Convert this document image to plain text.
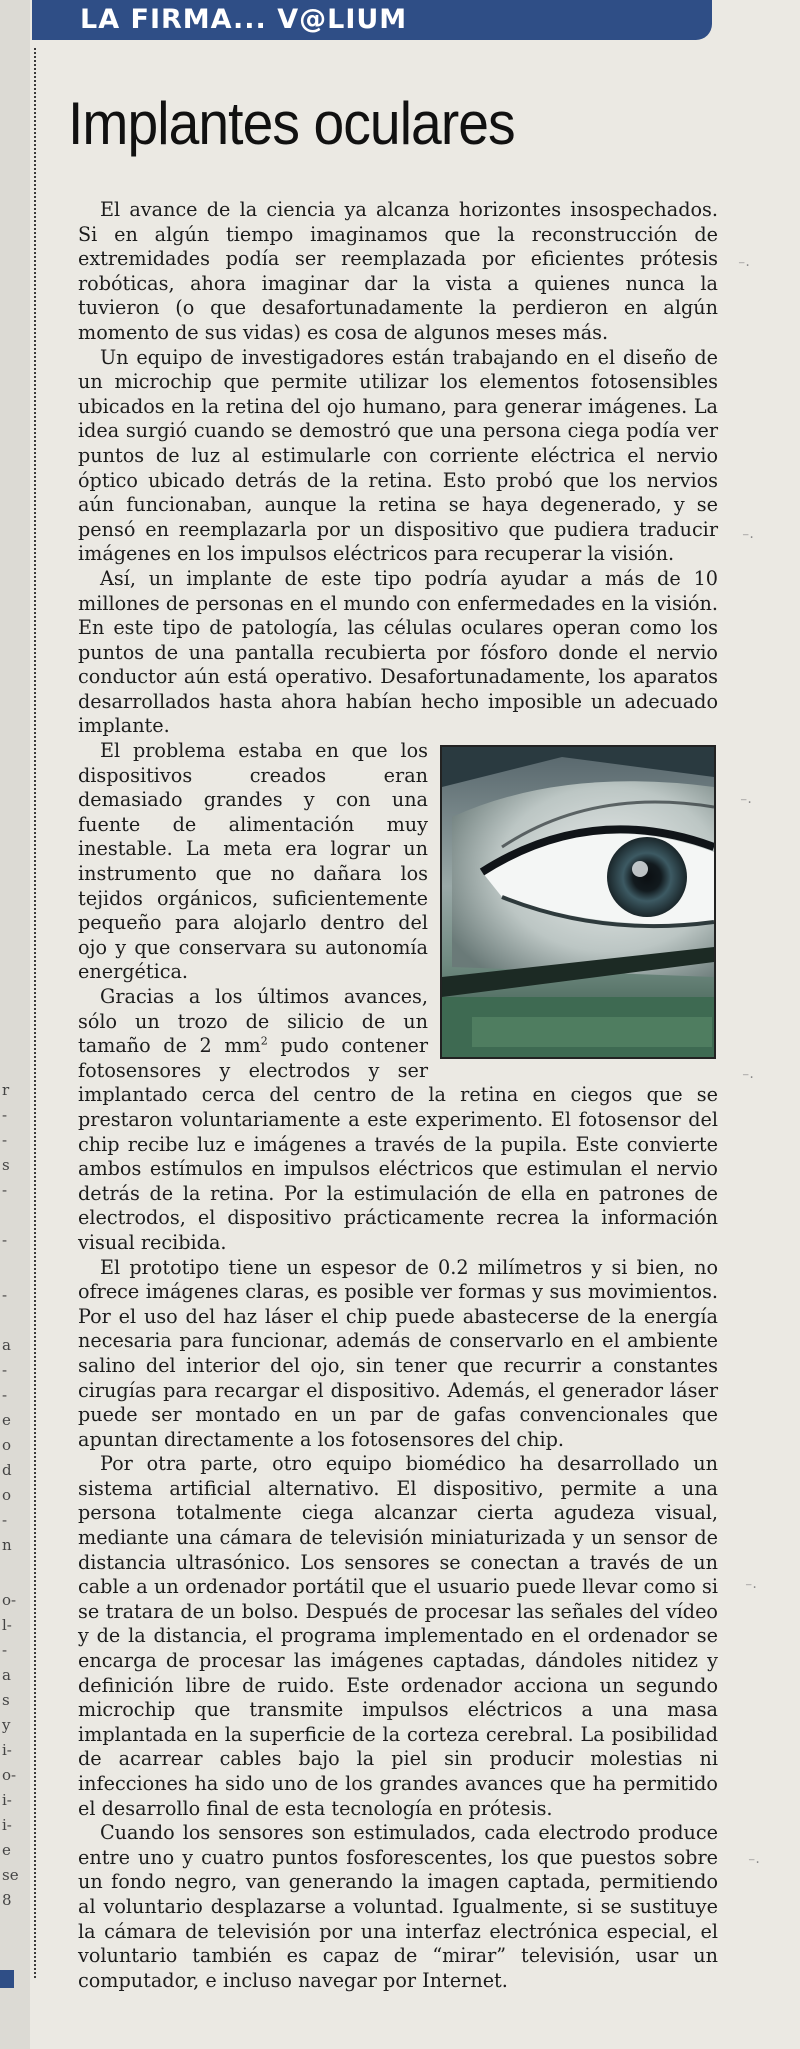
r
-
-
s
-
-
-
a
-
-
e
o
d
o
-
n
o-
l-
-
a
s
y
i-
o-
i-
i-
e
se
8
LA FIRMA... V@LIUM
Implantes oculares

El avance de la ciencia ya alcanza horizontes insospechados. Si en algún tiempo imaginamos que la reconstrucción de extremidades podía ser reemplazada por eficientes prótesis robóticas, ahora imaginar dar la vista a quienes nunca la tuvieron (o que desafortunadamente la perdieron en algún momento de sus vidas) es cosa de algunos meses más.

Un equipo de investigadores están trabajando en el diseño de un microchip que permite utilizar los elementos fotosensibles ubicados en la retina del ojo humano, para generar imágenes. La idea surgió cuando se demostró que una persona ciega podía ver puntos de luz al estimularle con corriente eléctrica el nervio óptico ubicado detrás de la retina. Esto probó que los nervios aún funcionaban, aunque la retina se haya degenerado, y se pensó en reemplazarla por un dispositivo que pudiera traducir imágenes en los impulsos eléctricos para recuperar la visión.

Así, un implante de este tipo podría ayudar a más de 10 millones de personas en el mundo con enfermedades en la visión. En este tipo de patología, las células oculares operan como los puntos de una pantalla recubierta por fósforo donde el nervio conductor aún está operativo. Desafortunadamente, los aparatos desarrollados hasta ahora habían hecho imposible un adecuado implante.

El problema estaba en que los dispositivos creados eran demasiado grandes y con una fuente de alimentación muy inestable. La meta era lograr un instrumento que no dañara los tejidos orgánicos, suficientemente pequeño para alojarlo dentro del ojo y que conservara su autonomía energética.

Gracias a los últimos avances, sólo un trozo de silicio de un tamaño de 2 $mm^2$ pudo contener fotosensores y electrodos y ser implantado cerca del centro de la retina en ciegos que se prestaron voluntariamente a este experimento. El fotosensor del chip recibe luz e imágenes a través de la pupila. Este convierte ambos estímulos en impulsos eléctricos que estimulan el nervio detrás de la retina. Por la estimulación de ella en patrones de electrodos, el dispositivo prácticamente recrea la información visual recibida.

El prototipo tiene un espesor de 0.2 milímetros y si bien, no ofrece imágenes claras, es posible ver formas y sus movimientos. Por el uso del haz láser el chip puede abastecerse de la energía necesaria para funcionar, además de conservarlo en el ambiente salino del interior del ojo, sin tener que recurrir a constantes cirugías para recargar el dispositivo. Además, el generador láser puede ser montado en un par de gafas convencionales que apuntan directamente a los fotosensores del chip.

Por otra parte, otro equipo biomédico ha desarrollado un sistema artificial alternativo. El dispositivo, permite a una persona totalmente ciega alcanzar cierta agudeza visual, mediante una cámara de televisión miniaturizada y un sensor de distancia ultrasónico. Los sensores se conectan a través de un cable a un ordenador portátil que el usuario puede llevar como si se tratara de un bolso. Después de procesar las señales del vídeo y de la distancia, el programa implementado en el ordenador se encarga de procesar las imágenes captadas, dándoles nitidez y definición libre de ruido. Este ordenador acciona un segundo microchip que transmite impulsos eléctricos a una masa implantada en la superficie de la corteza cerebral. La posibilidad de acarrear cables bajo la piel sin producir molestias ni infecciones ha sido uno de los grandes avances que ha permitido el desarrollo final de esta tecnología en prótesis.

Cuando los sensores son estimulados, cada electrodo produce entre uno y cuatro puntos fosforescentes, los que puestos sobre un fondo negro, van generando la imagen captada, permitiendo al voluntario desplazarse a voluntad. Igualmente, si se sustituye la cámara de televisión por una interfaz electrónica especial, el voluntario también es capaz de “mirar” televisión, usar un computador, e incluso navegar por Internet.

⁻·
⁻·
⁻·
⁻·
⁻·
⁻·
